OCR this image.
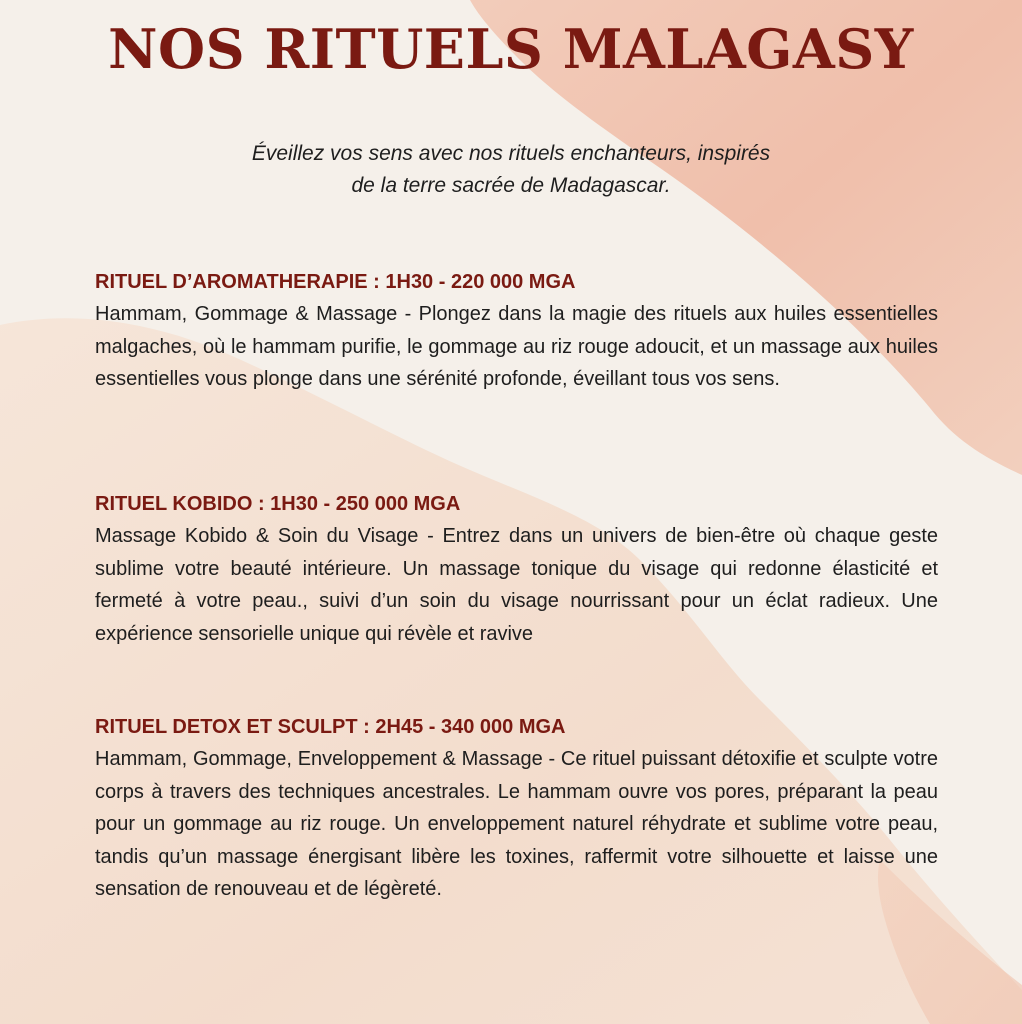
NOS RITUELS MALAGASY

Éveillez vos sens avec nos rituels enchanteurs, inspirés
de la terre sacrée de Madagascar.

RITUEL D’AROMATHERAPIE : 1H30 - 220 000 MGA

Hammam, Gommage & Massage - Plongez dans la magie des rituels aux huiles essentielles malgaches, où le hammam purifie, le gommage au riz rouge adoucit, et un massage aux huiles essentielles vous plonge dans une sérénité profonde, éveillant tous vos sens.

RITUEL KOBIDO : 1H30 - 250 000 MGA

Massage Kobido & Soin du Visage - Entrez dans un univers de bien-être où chaque geste sublime votre beauté intérieure. Un massage tonique du visage qui redonne élasticité et fermeté à votre peau., suivi d’un soin du visage nourrissant pour un éclat radieux. Une expérience sensorielle unique qui révèle et ravive

RITUEL DETOX ET SCULPT : 2H45 - 340 000 MGA

Hammam, Gommage, Enveloppement & Massage - Ce rituel puissant détoxifie et sculpte votre corps à travers des techniques ancestrales. Le hammam ouvre vos pores, préparant la peau pour un gommage au riz rouge. Un enveloppement naturel réhydrate et sublime votre peau, tandis qu’un massage énergisant libère les toxines, raffermit votre silhouette et laisse une sensation de renouveau et de légèreté.
